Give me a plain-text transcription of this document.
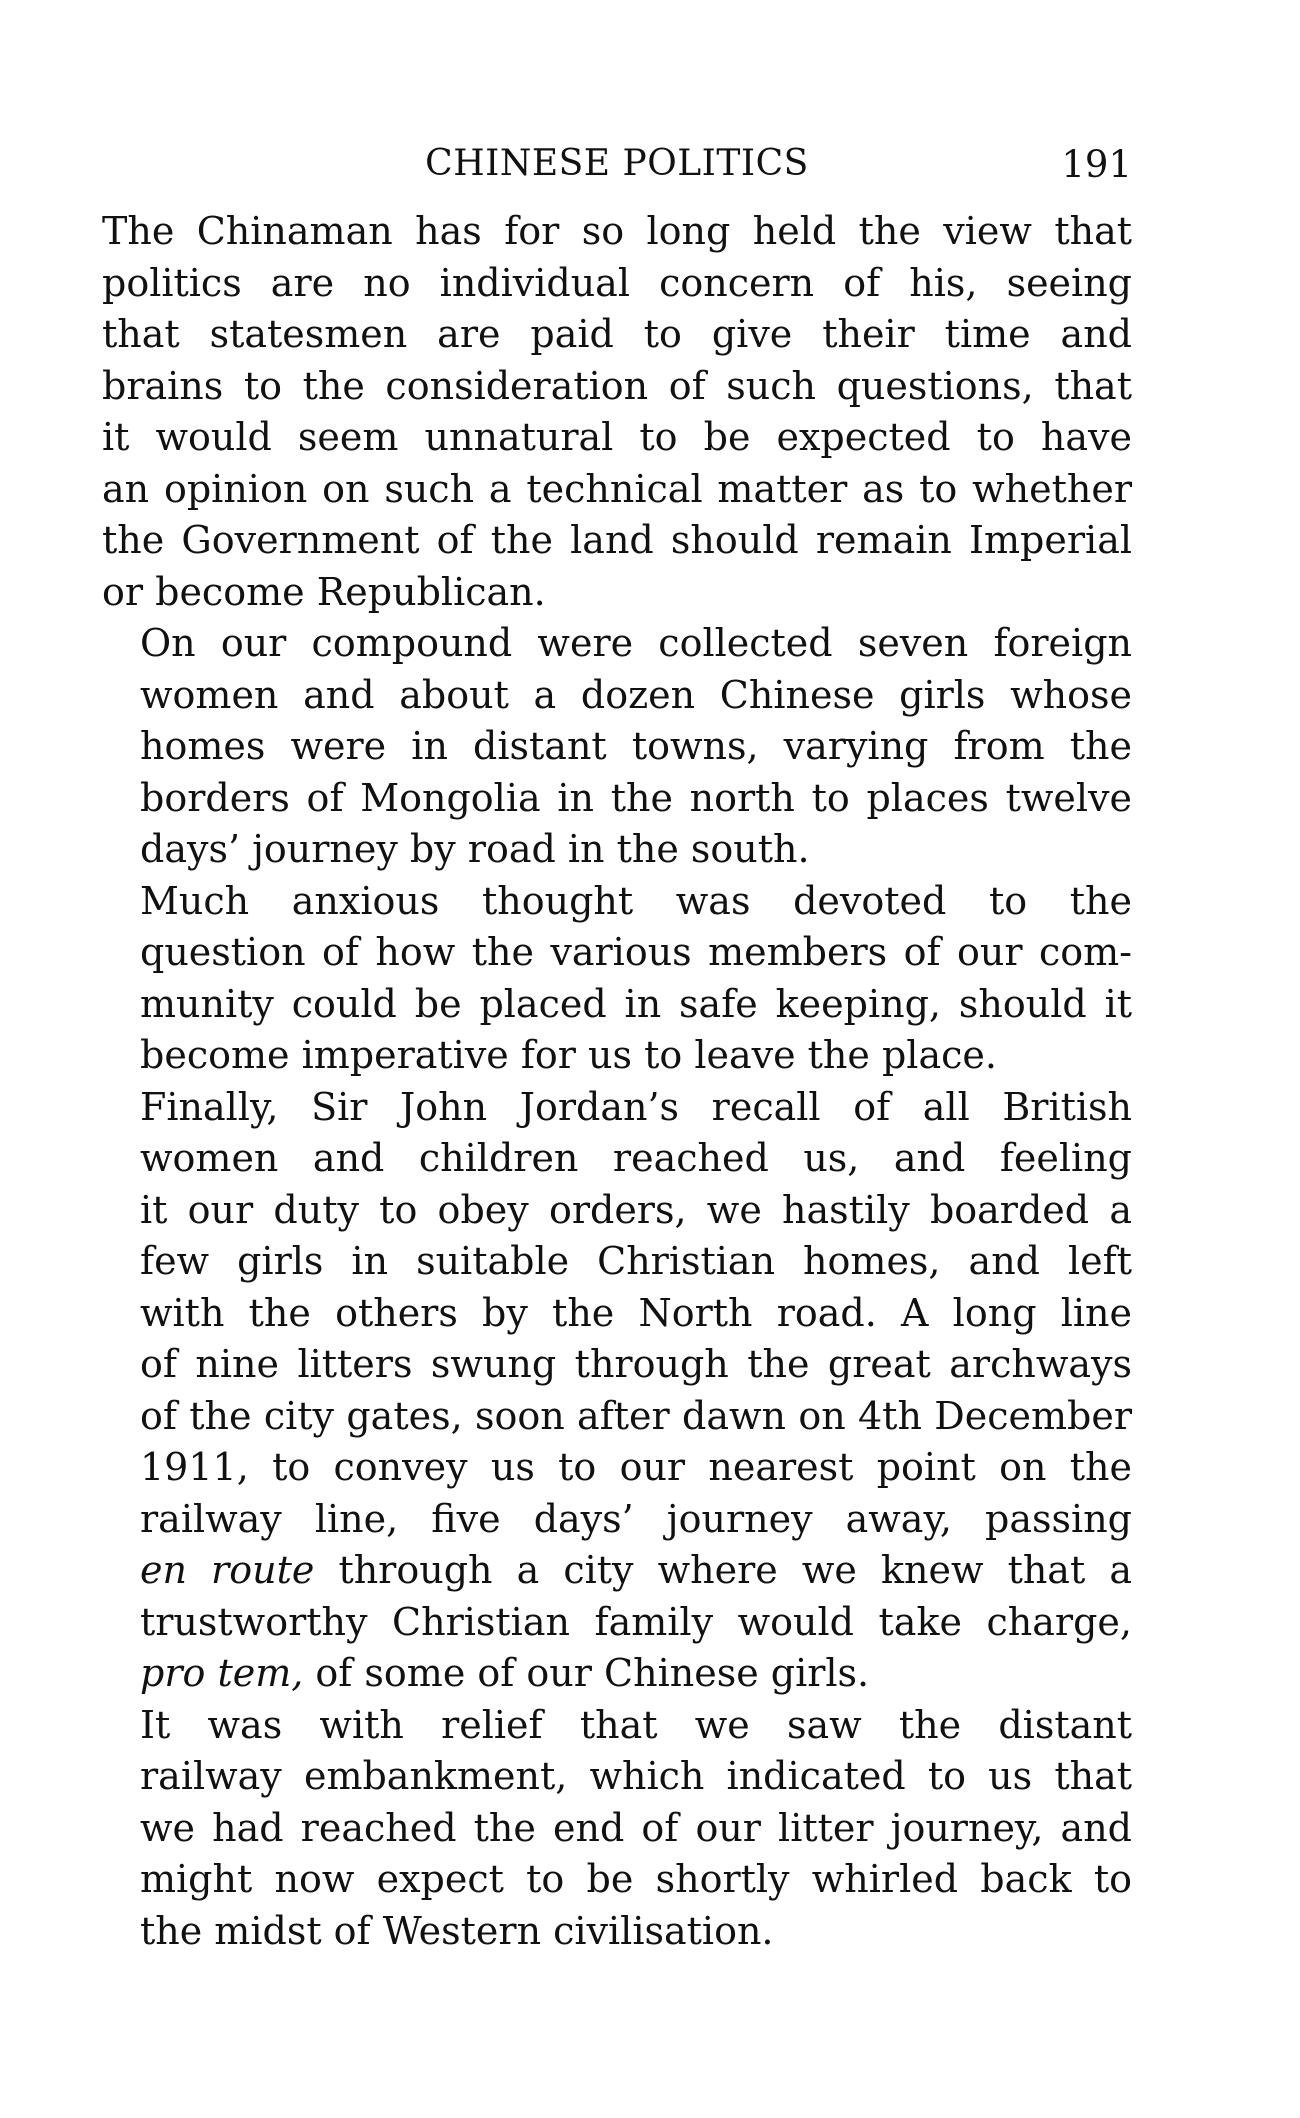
CHINESE POLITICS	191

The Chinaman has for so long held the view that
politics are no individual concern of his, seeing
that statesmen are paid to give their time and
brains to the consideration of such questions, that
it would seem unnatural to be expected to have
an opinion on such a technical matter as to whether
the Government of the land should remain Imperial
or become Republican.

On our compound were collected seven foreign
women and about a dozen Chinese girls whose
homes were in distant towns, varying from the
borders of Mongolia in the north to places twelve
days’ journey by road in the south.

Much anxious thought was devoted to the
question of how the various members of our com-
munity could be placed in safe keeping, should it
become imperative for us to leave the place.

Finally, Sir John Jordan’s recall of all British
women and children reached us, and feeling
it our duty to obey orders, we hastily boarded a
few girls in suitable Christian homes, and left
with the others by the North road. A long line
of nine litters swung through the great archways
of the city gates, soon after dawn on 4th December
1911, to convey us to our nearest point on the
railway line, five days’ journey away, passing
en route through a city where we knew that a
trustworthy Christian family would take charge,
pro tem, of some of our Chinese girls.

It was with relief that we saw the distant
railway embankment, which indicated to us that
we had reached the end of our litter journey, and
might now expect to be shortly whirled back to
the midst of Western civilisation.
